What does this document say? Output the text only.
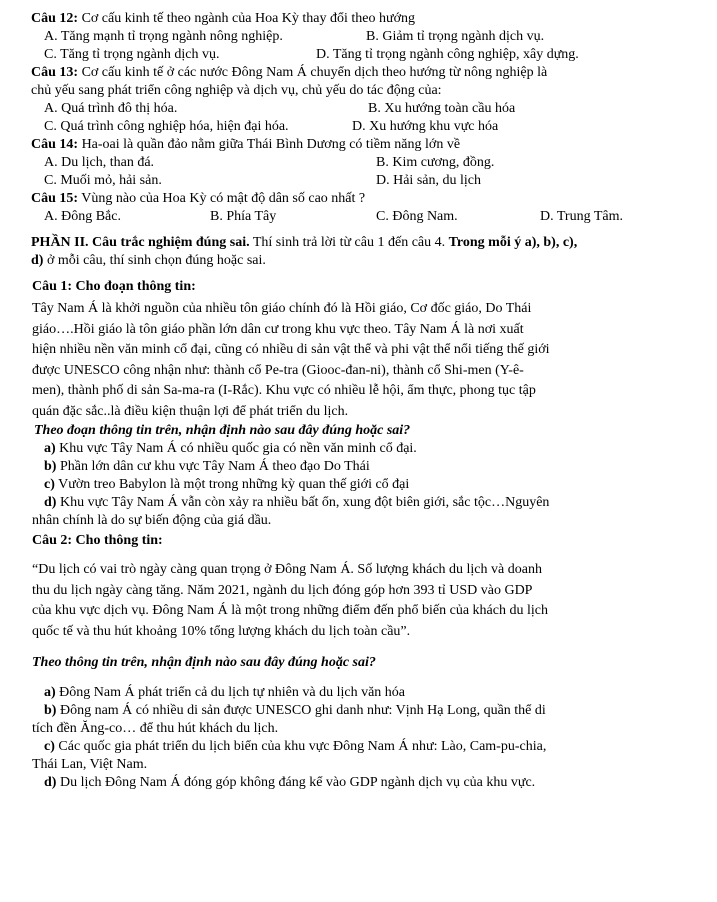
Câu 12: Cơ cấu kinh tế theo ngành của Hoa Kỳ thay đổi theo hướng
A. Tăng mạnh tỉ trọng ngành nông nghiệp.	B. Giảm tỉ trọng ngành dịch vụ.
C. Tăng tỉ trọng ngành dịch vụ.	D. Tăng tỉ trọng ngành công nghiệp, xây dựng.
Câu 13: Cơ cấu kinh tế ở các nước Đông Nam Á chuyển dịch theo hướng từ nông nghiệp là
chủ yếu sang phát triển công nghiệp và dịch vụ, chủ yếu do tác động của:
A. Quá trình đô thị hóa.	B. Xu hướng toàn cầu hóa
C. Quá trình công nghiệp hóa, hiện đại hóa.	D. Xu hướng khu vực hóa
Câu 14: Ha-oai là quần đảo nằm giữa Thái Bình Dương có tiềm năng lớn về
A. Du lịch, than đá.	B. Kim cương, đồng.
C. Muối mỏ, hải sản.	D. Hải sản, du lịch
Câu 15: Vùng nào của Hoa Kỳ có mật độ dân số cao nhất ?
A. Đông Bắc.	B. Phía Tây	C. Đông Nam.	D. Trung Tâm.
PHẦN II. Câu trắc nghiệm đúng sai. Thí sinh trả lời từ câu 1 đến câu 4. Trong mỗi ý a), b), c),
d) ở mỗi câu, thí sinh chọn đúng hoặc sai.
Câu 1: Cho đoạn thông tin:
Tây Nam Á là khởi nguồn của nhiều tôn giáo chính đó là Hồi giáo, Cơ đốc giáo, Do Thái
giáo….Hồi giáo là tôn giáo phần lớn dân cư trong khu vực theo. Tây Nam Á là nơi xuất
hiện nhiều nền văn minh cổ đại, cũng có nhiều di sản vật thể và phi vật thể nổi tiếng thế giới
được UNESCO công nhận như: thành cổ Pe-tra (Giooc-đan-ni), thành cổ Shi-men (Y-ê-
men), thành phố di sản Sa-ma-ra (I-Rắc). Khu vực có nhiều lễ hội, ẩm thực, phong tục tập
quán đặc sắc..là điều kiện thuận lợi để phát triển du lịch.
Theo đoạn thông tin trên, nhận định nào sau đây đúng hoặc sai?
a) Khu vực Tây Nam Á có nhiều quốc gia có nền văn minh cổ đại.
b) Phần lớn dân cư khu vực Tây Nam Á theo đạo Do Thái
c) Vườn treo Babylon là một trong những kỳ quan thế giới cổ đại
d) Khu vực Tây Nam Á vẫn còn xảy ra nhiều bất ổn, xung đột biên giới, sắc tộc…Nguyên
nhân chính là do sự biến động của giá dầu.
Câu 2: Cho thông tin:
“Du lịch có vai trò ngày càng quan trọng ở Đông Nam Á. Số lượng khách du lịch và doanh
thu du lịch ngày càng tăng. Năm 2021, ngành du lịch đóng góp hơn 393 tỉ USD vào GDP
của khu vực dịch vụ. Đông Nam Á là một trong những điểm đến phổ biến của khách du lịch
quốc tế và thu hút khoảng 10% tổng lượng khách du lịch toàn cầu”.
Theo thông tin trên, nhận định nào sau đây đúng hoặc sai?
a) Đông Nam Á phát triển cả du lịch tự nhiên và du lịch văn hóa
b) Đông nam Á có nhiều di sản được UNESCO ghi danh như: Vịnh Hạ Long, quần thể di
tích đền Ăng-co… để thu hút khách du lịch.
c) Các quốc gia phát triển du lịch biển của khu vực Đông Nam Á như: Lào, Cam-pu-chia,
Thái Lan, Việt Nam.
d) Du lịch Đông Nam Á đóng góp không đáng kể vào GDP ngành dịch vụ của khu vực.
